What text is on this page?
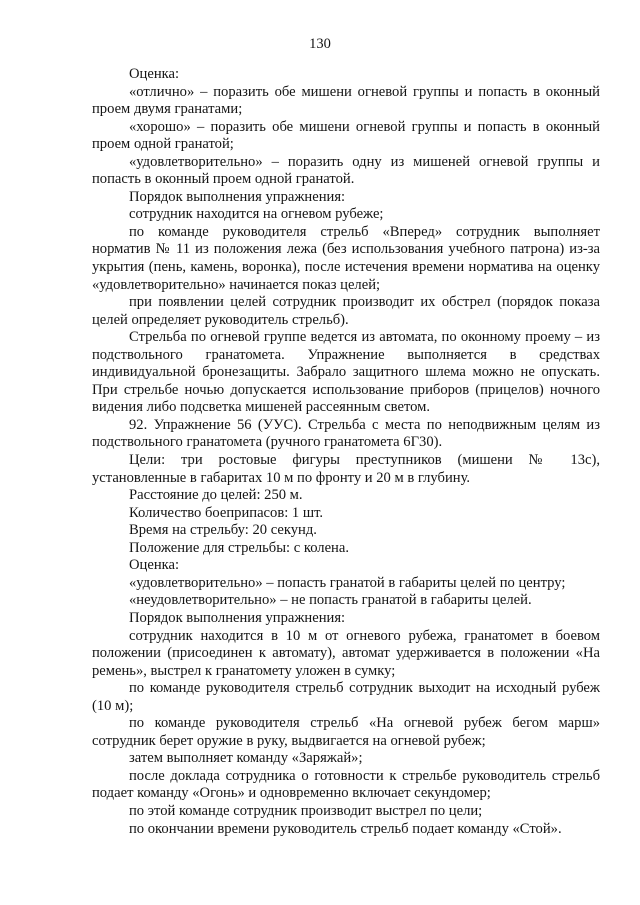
130

Оценка:

«отлично» – поразить обе мишени огневой группы и попасть в оконный проем двумя гранатами;

«хорошо» – поразить обе мишени огневой группы и попасть в оконный проем одной гранатой;

«удовлетворительно» – поразить одну из мишеней огневой группы и попасть в оконный проем одной гранатой.

Порядок выполнения упражнения:

сотрудник находится на огневом рубеже;

по команде руководителя стрельб «Вперед» сотрудник выполняет норматив № 11 из положения лежа (без использования учебного патрона) из-за укрытия (пень, камень, воронка), после истечения времени норматива на оценку «удовлетворительно» начинается показ целей;

при появлении целей сотрудник производит их обстрел (порядок показа целей определяет руководитель стрельб).

Стрельба по огневой группе ведется из автомата, по оконному проему – из подствольного гранатомета. Упражнение выполняется в средствах индивидуальной бронезащиты. Забрало защитного шлема можно не опускать. При стрельбе ночью допускается использование приборов (прицелов) ночного видения либо подсветка мишеней рассеянным светом.

92. Упражнение 56 (УУС). Стрельба с места по неподвижным целям из подствольного гранатомета (ручного гранатомета 6Г30).

Цели: три ростовые фигуры преступников (мишени № 13с), установленные в габаритах 10 м по фронту и 20 м в глубину.

Расстояние до целей: 250 м.

Количество боеприпасов: 1 шт.

Время на стрельбу: 20 секунд.

Положение для стрельбы: с колена.

Оценка:

«удовлетворительно» – попасть гранатой в габариты целей по центру;

«неудовлетворительно» – не попасть гранатой в габариты целей.

Порядок выполнения упражнения:

сотрудник находится в 10 м от огневого рубежа, гранатомет в боевом положении (присоединен к автомату), автомат удерживается в положении «На ремень», выстрел к гранатомету уложен в сумку;

по команде руководителя стрельб сотрудник выходит на исходный рубеж (10 м);

по команде руководителя стрельб «На огневой рубеж бегом марш» сотрудник берет оружие в руку, выдвигается на огневой рубеж;

затем выполняет команду «Заряжай»;

после доклада сотрудника о готовности к стрельбе руководитель стрельб подает команду «Огонь» и одновременно включает секундомер;

по этой команде сотрудник производит выстрел по цели;

по окончании времени руководитель стрельб подает команду «Стой».
